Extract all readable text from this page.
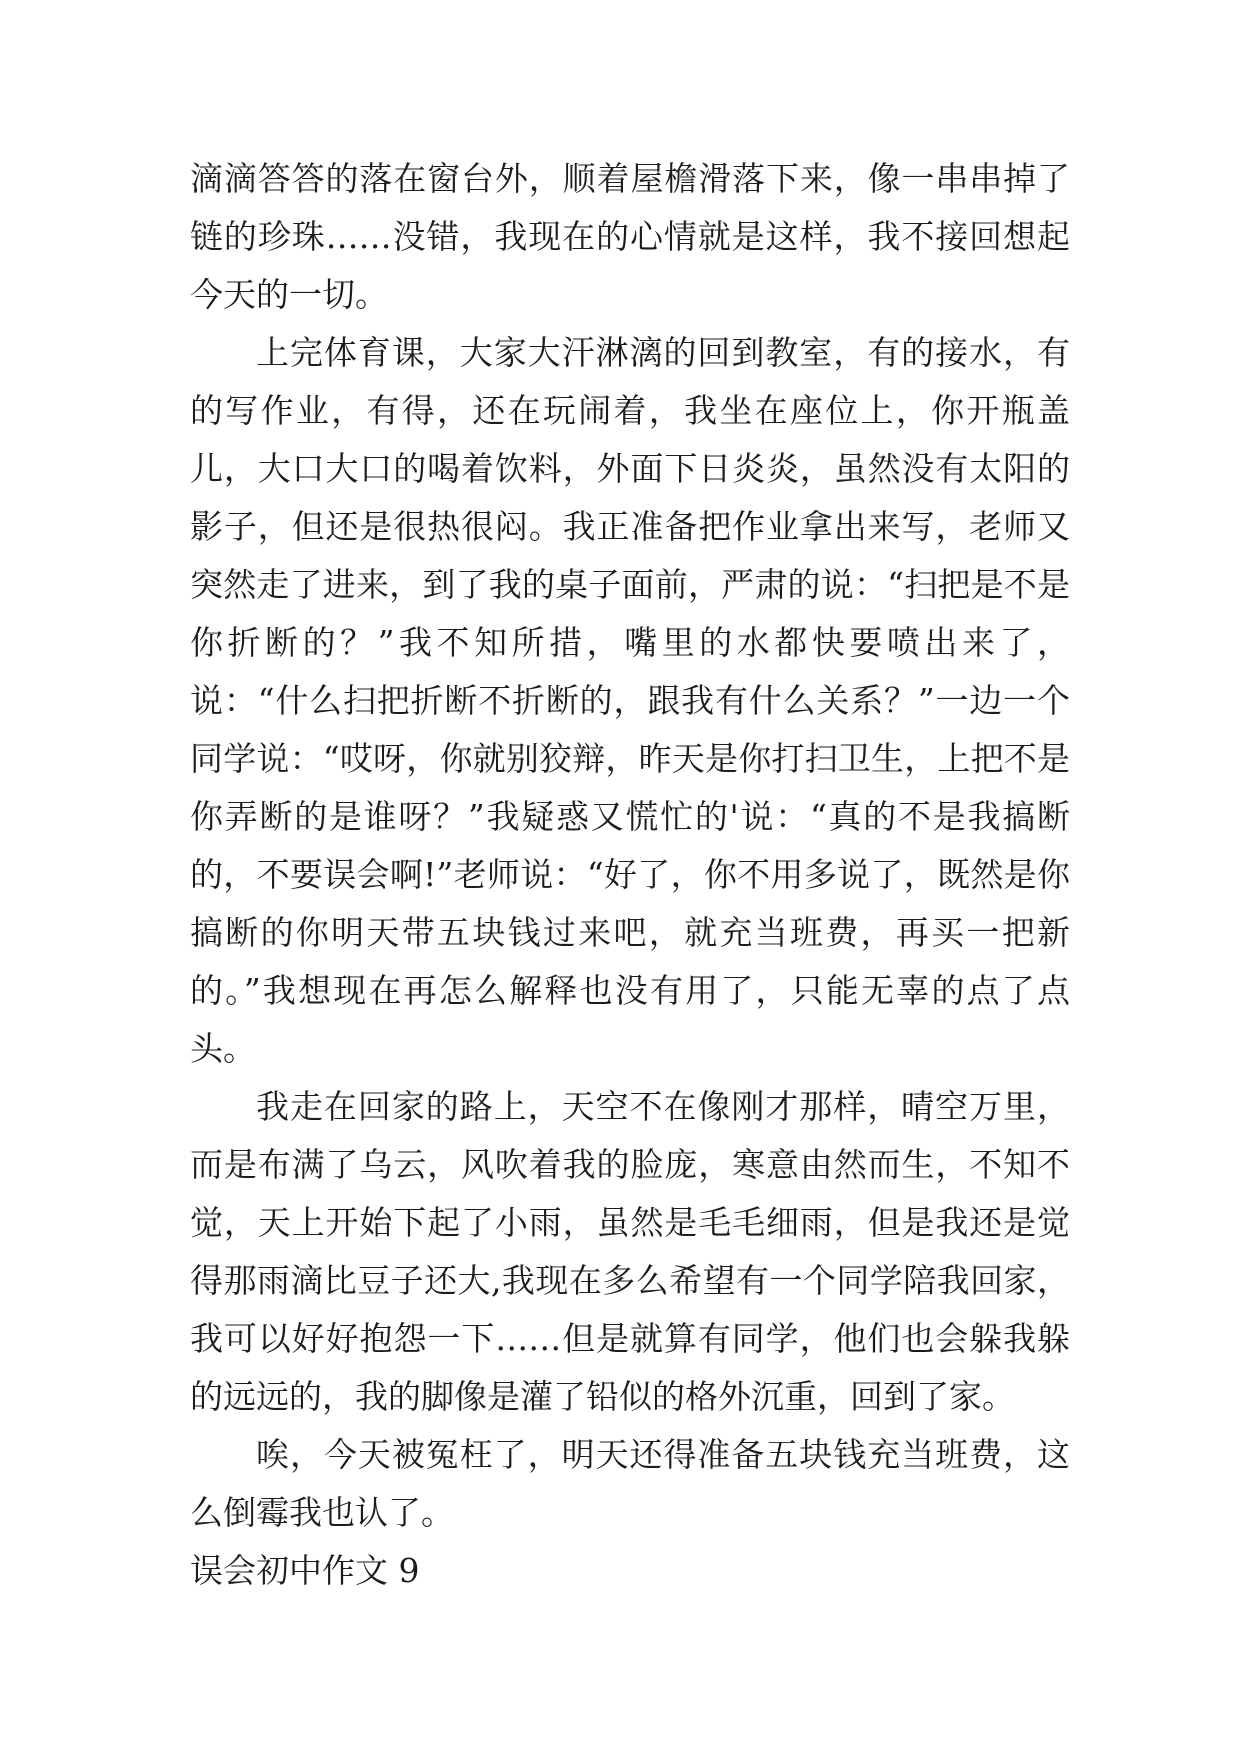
滴滴答答的落在窗台外，顺着屋檐滑落下来，像一串串掉了链的珍珠……没错，我现在的心情就是这样，我不接回想起今天的一切。

上完体育课，大家大汗淋漓的回到教室，有的接水，有的写作业，有得，还在玩闹着，我坐在座位上，你开瓶盖儿，大口大口的喝着饮料，外面下日炎炎，虽然没有太阳的影子，但还是很热很闷。我正准备把作业拿出来写，老师又突然走了进来，到了我的桌子面前，严肃的说：“扫把是不是你折断的？”我不知所措，嘴里的水都快要喷出来了，说：“什么扫把折断不折断的，跟我有什么关系？”一边一个同学说：“哎呀，你就别狡辩，昨天是你打扫卫生，上把不是你弄断的是谁呀？”我疑惑又慌忙的'说：“真的不是我搞断的，不要误会啊!”老师说：“好了，你不用多说了，既然是你搞断的你明天带五块钱过来吧，就充当班费，再买一把新的。”我想现在再怎么解释也没有用了，只能无辜的点了点头。

我走在回家的路上，天空不在像刚才那样，晴空万里，而是布满了乌云，风吹着我的脸庞，寒意由然而生，不知不觉，天上开始下起了小雨，虽然是毛毛细雨，但是我还是觉得那雨滴比豆子还大,我现在多么希望有一个同学陪我回家，我可以好好抱怨一下……但是就算有同学，他们也会躲我躲的远远的，我的脚像是灌了铅似的格外沉重，回到了家。

唉，今天被冤枉了，明天还得准备五块钱充当班费，这么倒霉我也认了。

误会初中作文 9
